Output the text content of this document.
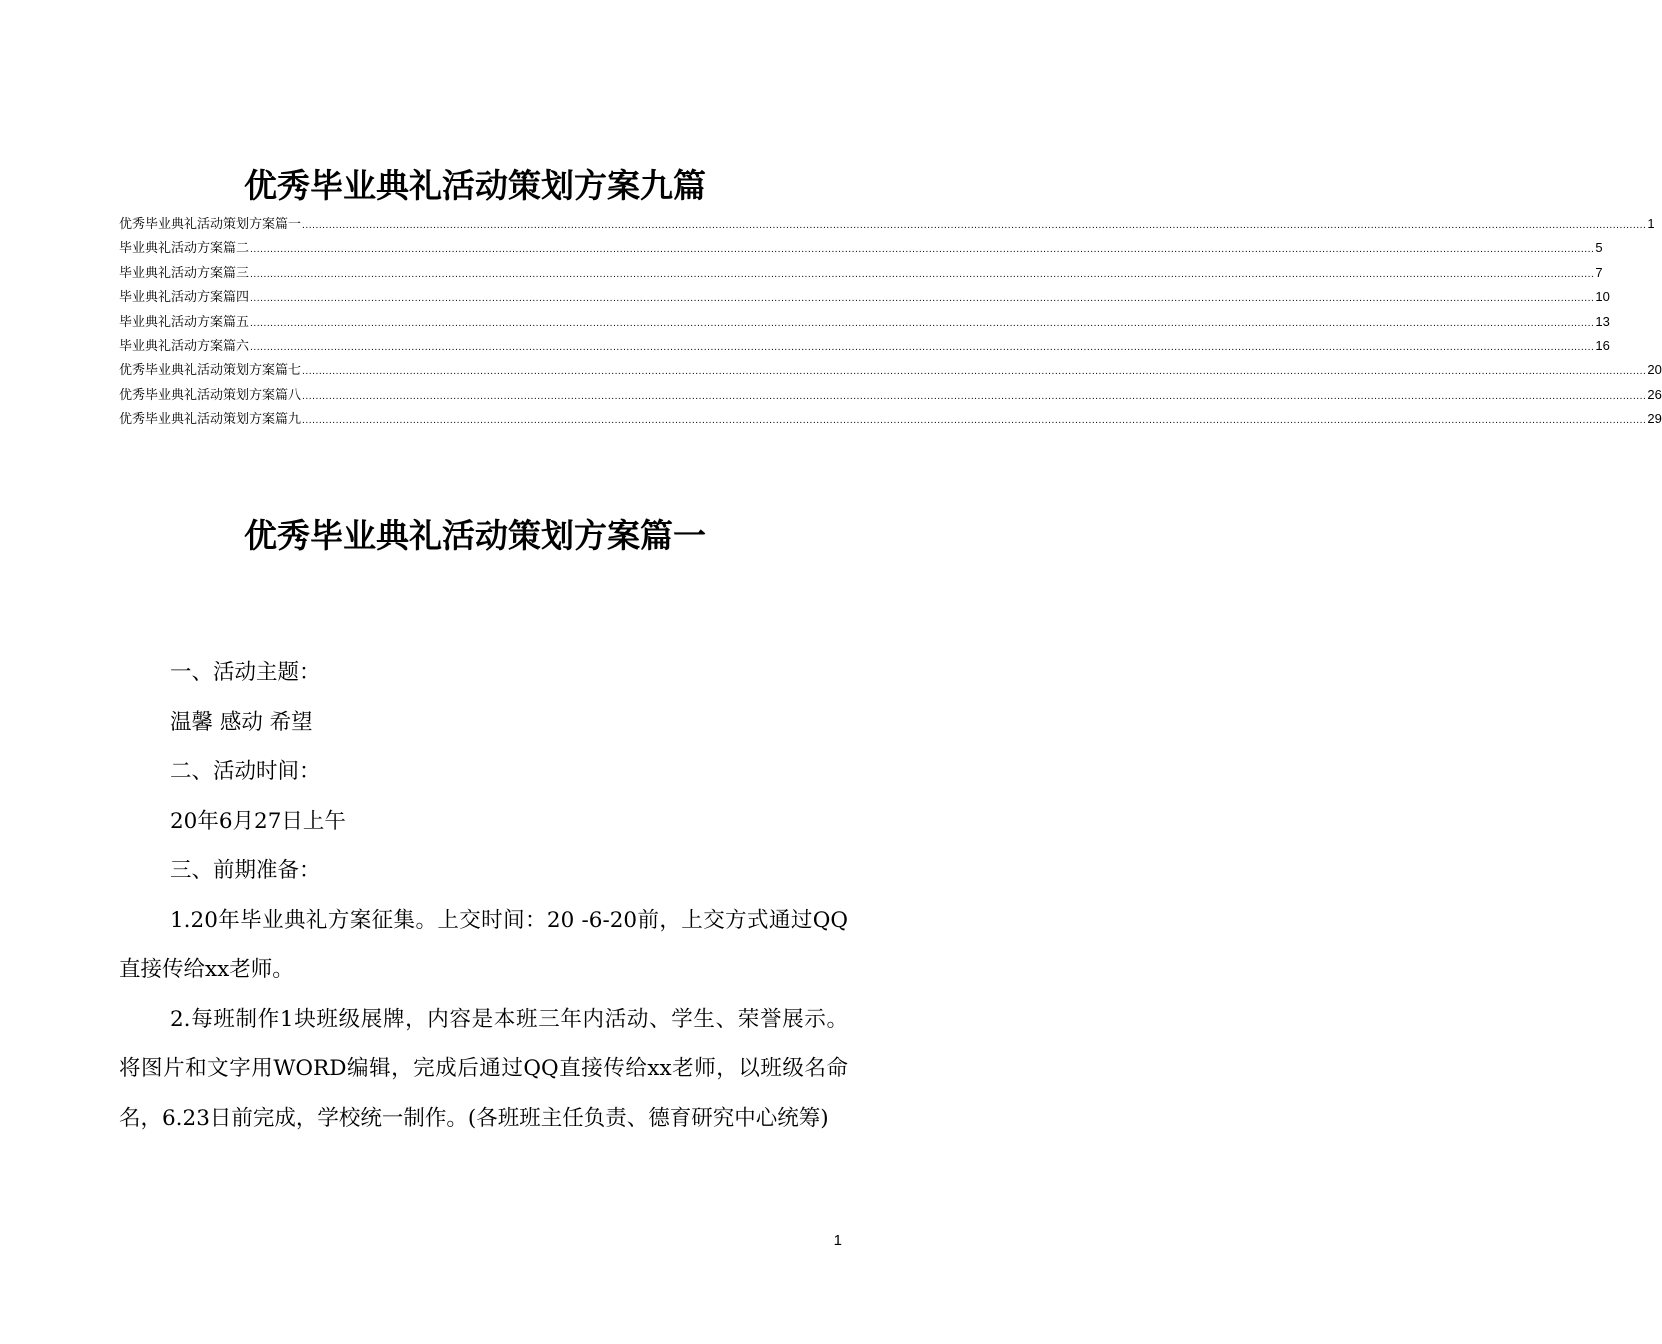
优秀毕业典礼活动策划方案九篇
优秀毕业典礼活动策划方案篇一 ................................................................................................................................................................................................................................................................................................................................................................................................................ 1
毕业典礼活动方案篇二 ................................................................................................................................................................................................................................................................................................................................................................................................................ 5
毕业典礼活动方案篇三 ................................................................................................................................................................................................................................................................................................................................................................................................................ 7
毕业典礼活动方案篇四 ................................................................................................................................................................................................................................................................................................................................................................................................................ 10
毕业典礼活动方案篇五 ................................................................................................................................................................................................................................................................................................................................................................................................................ 13
毕业典礼活动方案篇六 ................................................................................................................................................................................................................................................................................................................................................................................................................ 16
优秀毕业典礼活动策划方案篇七 ................................................................................................................................................................................................................................................................................................................................................................................................................ 20
优秀毕业典礼活动策划方案篇八 ................................................................................................................................................................................................................................................................................................................................................................................................................ 26
优秀毕业典礼活动策划方案篇九 ................................................................................................................................................................................................................................................................................................................................................................................................................ 29
优秀毕业典礼活动策划方案篇一

一、活动主题：

温馨 感动 希望

二、活动时间：

20年6月27日上午

三、前期准备：

1.20年毕业典礼方案征集。上交时间：20 -6-20前，上交方式通过QQ直接传给xx老师。

2.每班制作1块班级展牌，内容是本班三年内活动、学生、荣誉展示。将图片和文字用WORD编辑，完成后通过QQ直接传给xx老师，以班级名命名，6.23日前完成，学校统一制作。(各班班主任负责、德育研究中心统筹)

1
